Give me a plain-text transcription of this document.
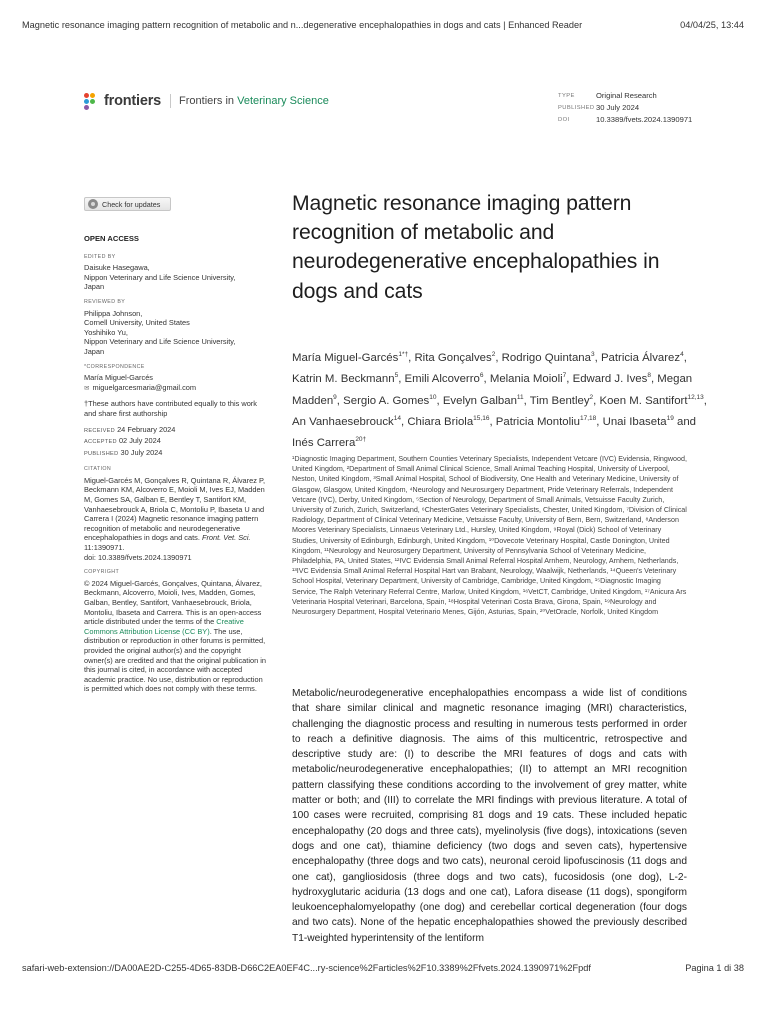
Magnetic resonance imaging pattern recognition of metabolic and n...degenerative encephalopathies in dogs and cats | Enhanced Reader	04/04/25, 13:44
frontiers Frontiers in Veterinary Science	TYPE	Original Research
PUBLISHED 30 July 2024
DOI	10.3389/fvets.2024.1390971
Check for updates
OPEN ACCESS
EDITED BY
Daisuke Hasegawa,
Nippon Veterinary and Life Science University,
Japan
REVIEWED BY
Philippa Johnson,
Cornell University, United States
Yoshihiko Yu,
Nippon Veterinary and Life Science University,
Japan
*CORRESPONDENCE
María Miguel-Garcés
✉ miguelgarcesmaria@gmail.com
†These authors have contributed equally to this work and share first authorship
RECEIVED 24 February 2024
ACCEPTED 02 July 2024
PUBLISHED 30 July 2024
CITATION
Miguel-Garcés M, Gonçalves R, Quintana R, Álvarez P, Beckmann KM, Alcoverro E, Moioli M, Ives EJ, Madden M, Gomes SA, Galban E, Bentley T, Santifort KM, Vanhaesebrouck A, Briola C, Montoliu P, Ibaseta U and Carrera I (2024) Magnetic resonance imaging pattern recognition of metabolic and neurodegenerative encephalopathies in dogs and cats. Front. Vet. Sci. 11:1390971.
doi: 10.3389/fvets.2024.1390971
COPYRIGHT
© 2024 Miguel-Garcés, Gonçalves, Quintana, Álvarez, Beckmann, Alcoverro, Moioli, Ives, Madden, Gomes, Galban, Bentley, Santifort, Vanhaesebrouck, Briola, Montoliu, Ibaseta and Carrera. This is an open-access article distributed under the terms of the Creative Commons Attribution License (CC BY). The use, distribution or reproduction in other forums is permitted, provided the original author(s) and the copyright owner(s) are credited and that the original publication in this journal is cited, in accordance with accepted academic practice. No use, distribution or reproduction is permitted which does not comply with these terms.
Magnetic resonance imaging pattern recognition of metabolic and neurodegenerative encephalopathies in dogs and cats
María Miguel-Garcés$^{1*\dagger}$, Rita Gonçalves$^2$, Rodrigo Quintana$^3$, Patricia Álvarez$^4$, Katrin M. Beckmann$^5$, Emili Alcoverro$^6$, Melania Moioli$^7$, Edward J. Ives$^8$, Megan Madden$^9$, Sergio A. Gomes$^{10}$, Evelyn Galban$^{11}$, Tim Bentley$^2$, Koen M. Santifort$^{12,13}$, An Vanhaesebrouck$^{14}$, Chiara Briola$^{15,16}$, Patricia Montoliu$^{17,18}$, Unai Ibaseta$^{19}$ and Inés Carrera$^{20\dagger}$
¹Diagnostic Imaging Department, Southern Counties Veterinary Specialists, Independent Vetcare (IVC) Evidensia, Ringwood, United Kingdom, ²Department of Small Animal Clinical Science, Small Animal Teaching Hospital, University of Liverpool, Neston, United Kingdom, ³Small Animal Hospital, School of Biodiversity, One Health and Veterinary Medicine, University of Glasgow, Glasgow, United Kingdom, ⁴Neurology and Neurosurgery Department, Pride Veterinary Referrals, Independent Vetcare (IVC), Derby, United Kingdom, ⁵Section of Neurology, Department of Small Animals, Vetsuisse Faculty Zurich, University of Zurich, Zurich, Switzerland, ⁶ChesterGates Veterinary Specialists, Chester, United Kingdom, ⁷Division of Clinical Radiology, Department of Clinical Veterinary Medicine, Vetsuisse Faculty, University of Bern, Bern, Switzerland, ⁸Anderson Moores Veterinary Specialists, Linnaeus Veterinary Ltd., Hursley, United Kingdom, ⁹Royal (Dick) School of Veterinary Studies, University of Edinburgh, Edinburgh, United Kingdom, ¹⁰Dovecote Veterinary Hospital, Castle Donington, United Kingdom, ¹¹Neurology and Neurosurgery Department, University of Pennsylvania School of Veterinary Medicine, Philadelphia, PA, United States, ¹²IVC Evidensia Small Animal Referral Hospital Arnhem, Neurology, Arnhem, Netherlands, ¹³IVC Evidensia Small Animal Referral Hospital Hart van Brabant, Neurology, Waalwijk, Netherlands, ¹⁴Queen's Veterinary School Hospital, Veterinary Department, University of Cambridge, Cambridge, United Kingdom, ¹⁵Diagnostic Imaging Service, The Ralph Veterinary Referral Centre, Marlow, United Kingdom, ¹⁶VetCT, Cambridge, United Kingdom, ¹⁷Anicura Ars Veterinaria Hospital Veterinari, Barcelona, Spain, ¹⁸Hospital Veterinari Costa Brava, Girona, Spain, ¹⁹Neurology and Neurosurgery Department, Hospital Veterinario Menes, Gijón, Asturias, Spain, ²⁰VetOracle, Norfolk, United Kingdom
Metabolic/neurodegenerative encephalopathies encompass a wide list of conditions that share similar clinical and magnetic resonance imaging (MRI) characteristics, challenging the diagnostic process and resulting in numerous tests performed in order to reach a definitive diagnosis. The aims of this multicentric, retrospective and descriptive study are: (I) to describe the MRI features of dogs and cats with metabolic/neurodegenerative encephalopathies; (II) to attempt an MRI recognition pattern classifying these conditions according to the involvement of grey matter, white matter or both; and (III) to correlate the MRI findings with previous literature. A total of 100 cases were recruited, comprising 81 dogs and 19 cats. These included hepatic encephalopathy (20 dogs and three cats), myelinolysis (five dogs), intoxications (seven dogs and one cat), thiamine deficiency (two dogs and seven cats), hypertensive encephalopathy (three dogs and two cats), neuronal ceroid lipofuscinosis (11 dogs and one cat), gangliosidosis (three dogs and two cats), fucosidosis (one dog), L-2-hydroxyglutaric aciduria (13 dogs and one cat), Lafora disease (11 dogs), spongiform leukoencephalomyelopathy (one dog) and cerebellar cortical degeneration (four dogs and two cats). None of the hepatic encephalopathies showed the previously described T1-weighted hyperintensity of the lentiform
safari-web-extension://DA00AE2D-C255-4D65-83DB-D66C2EA0EF4C...ry-science%2Farticles%2F10.3389%2Ffvets.2024.1390971%2Fpdf	Pagina 1 di 38
